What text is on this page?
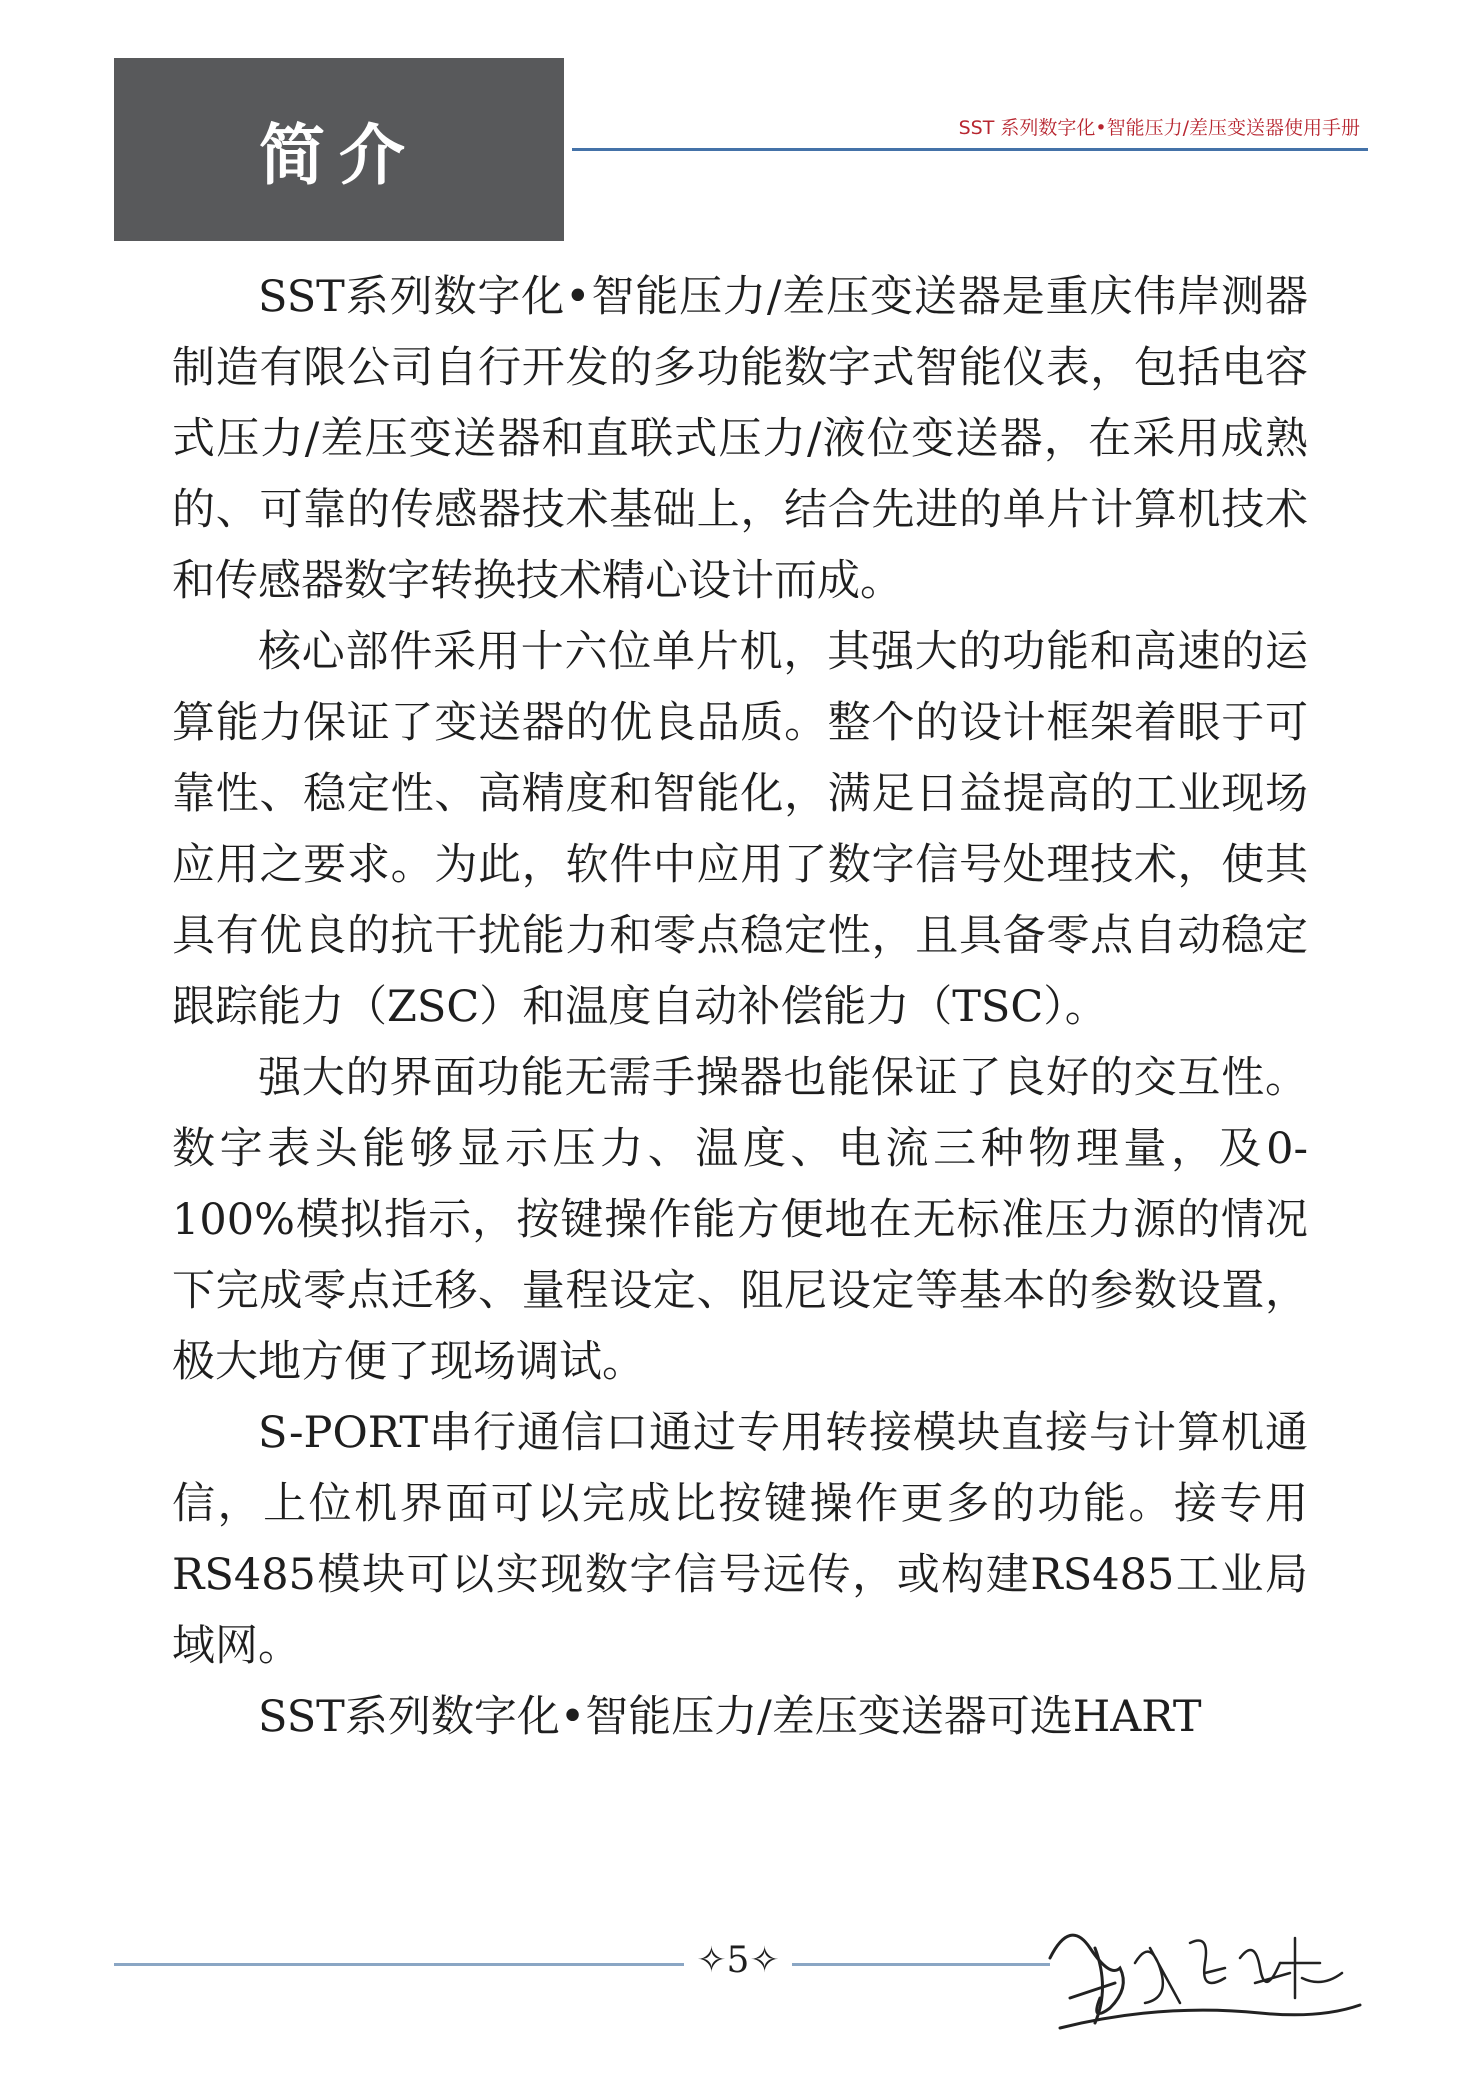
简介	SST 系列数字化•智能压力/差压变送器使用手册

SST系列数字化•智能压力/差压变送器是重庆伟岸测器制造有限公司自行开发的多功能数字式智能仪表，包括电容式压力/差压变送器和直联式压力/液位变送器，在采用成熟的、可靠的传感器技术基础上，结合先进的单片计算机技术和传感器数字转换技术精心设计而成。

核心部件采用十六位单片机，其强大的功能和高速的运算能力保证了变送器的优良品质。整个的设计框架着眼于可靠性、稳定性、高精度和智能化，满足日益提高的工业现场应用之要求。为此，软件中应用了数字信号处理技术，使其具有优良的抗干扰能力和零点稳定性，且具备零点自动稳定跟踪能力（ZSC）和温度自动补偿能力（TSC）。

强大的界面功能无需手操器也能保证了良好的交互性。数字表头能够显示压力、温度、电流三种物理量，及0-100%模拟指示，按键操作能方便地在无标准压力源的情况下完成零点迁移、量程设定、阻尼设定等基本的参数设置，极大地方便了现场调试。

S-PORT串行通信口通过专用转接模块直接与计算机通信，上位机界面可以完成比按键操作更多的功能。接专用RS485模块可以实现数字信号远传，或构建RS485工业局域网。

SST系列数字化•智能压力/差压变送器可选HART

✧5✧
